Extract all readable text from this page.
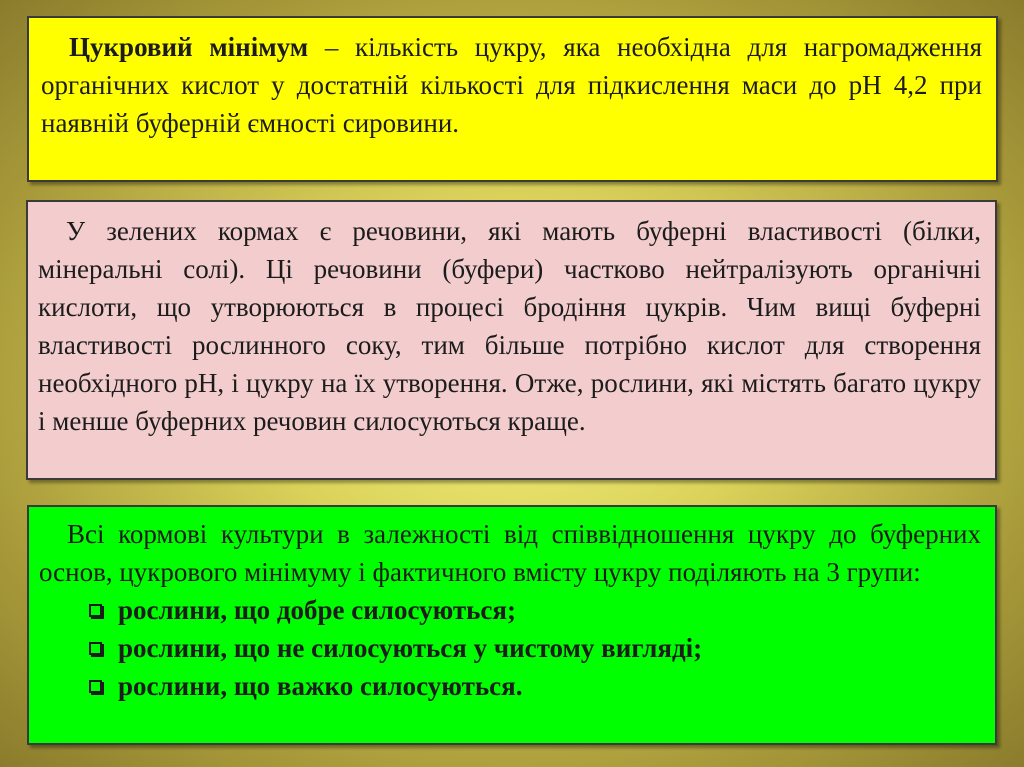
Цукровий мінімум – кількість цукру, яка необхідна для нагромадження органічних кислот у достатній кількості для підкислення маси до pH 4,2 при наявній буферній ємності сировини.

У зелених кормах є речовини, які мають буферні властивості (білки, мінеральні солі). Ці речовини (буфери) частково нейтралізують органічні кислоти, що утворюються в процесі бродіння цукрів. Чим вищі буферні властивості рослинного соку, тим більше потрібно кислот для створення необхідного pH, і цукру на їх утворення. Отже, рослини, які містять багато цукру і менше буферних речовин силосуються краще.

Всі кормові культури в залежності від співвідношення цукру до буферних основ, цукрового мінімуму і фактичного вмісту цукру поділяють на 3 групи:

рослини, що добре силосуються;
рослини, що не силосуються у чистому вигляді;
рослини, що важко силосуються.
